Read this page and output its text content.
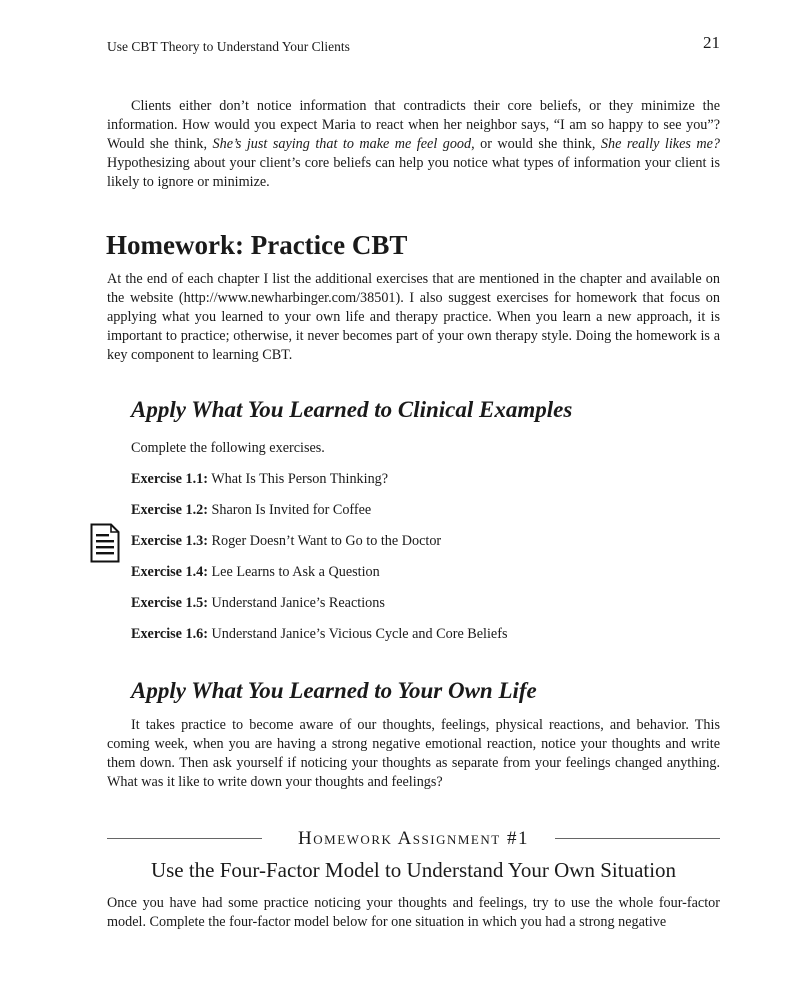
Use CBT Theory to Understand Your Clients	21

Clients either don’t notice information that contradicts their core beliefs, or they minimize the information. How would you expect Maria to react when her neighbor says, “I am so happy to see you”? Would she think, She’s just saying that to make me feel good, or would she think, She really likes me? Hypothesizing about your client’s core beliefs can help you notice what types of information your client is likely to ignore or minimize.

Homework: Practice CBT

At the end of each chapter I list the additional exercises that are mentioned in the chapter and available on the website (http://www.newharbinger.com/38501). I also suggest exercises for homework that focus on applying what you learned to your own life and therapy practice. When you learn a new approach, it is important to practice; otherwise, it never becomes part of your own therapy style. Doing the homework is a key component to learning CBT.

Apply What You Learned to Clinical Examples
Complete the following exercises.
Exercise 1.1: What Is This Person Thinking?
Exercise 1.2: Sharon Is Invited for Coffee
Exercise 1.3: Roger Doesn’t Want to Go to the Doctor
Exercise 1.4: Lee Learns to Ask a Question
Exercise 1.5: Understand Janice’s Reactions
Exercise 1.6: Understand Janice’s Vicious Cycle and Core Beliefs
Apply What You Learned to Your Own Life

It takes practice to become aware of our thoughts, feelings, physical reactions, and behavior. This coming week, when you are having a strong negative emotional reaction, notice your thoughts and write them down. Then ask yourself if noticing your thoughts as separate from your feelings changed anything. What was it like to write down your thoughts and feelings?

Homework Assignment #1
Use the Four-Factor Model to Understand Your Own Situation

Once you have had some practice noticing your thoughts and feelings, try to use the whole four-factor model. Complete the four-factor model below for one situation in which you had a strong negative
